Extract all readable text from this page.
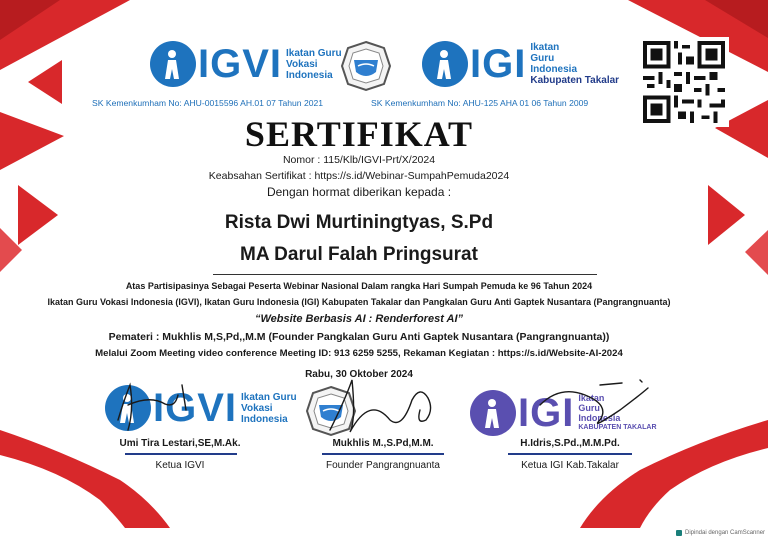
IGVI Ikatan Guru
Vokasi
Indonesia	IGI Ikatan
Guru
Indonesia
Kabupaten Takalar
SK Kemenkumham No: AHU-0015596 AH.01 07 Tahun 2021	SK Kemenkumham No: AHU-125 AHA 01 06 Tahun 2009
SERTIFIKAT
Nomor : 115/Klb/IGVI-Prt/X/2024
Keabsahan Sertifikat : https://s.id/Webinar-SumpahPemuda2024
Dengan hormat diberikan kepada :
Rista Dwi Murtiningtyas, S.Pd
MA Darul Falah Pringsurat
Atas Partisipasinya Sebagai Peserta Webinar Nasional Dalam rangka Hari Sumpah Pemuda ke 96 Tahun 2024
Ikatan Guru Vokasi Indonesia (IGVI), Ikatan Guru Indonesia (IGI) Kabupaten Takalar dan Pangkalan Guru Anti Gaptek Nusantara (Pangrangnuanta)
“Website Berbasis AI : Renderforest AI”
Pemateri : Mukhlis M,S,Pd,,M.M (Founder Pangkalan Guru Anti Gaptek Nusantara (Pangrangnuanta))
Melalui Zoom Meeting video conference Meeting ID: 913 6259 5255, Rekaman Kegiatan : https://s.id/Website-AI-2024
Rabu, 30 Oktober 2024
IGVI Ikatan Guru
Vokasi
Indonesia	IGI Ikatan
Guru
Indonesia
KABUPATEN TAKALAR
Umi Tira Lestari,SE,M.Ak.
Ketua IGVI
Mukhlis M.,S.Pd,M.M.
Founder Pangrangnuanta
H.Idris,S.Pd.,M.M.Pd.
Ketua IGI Kab.Takalar
Dipindai dengan CamScanner
